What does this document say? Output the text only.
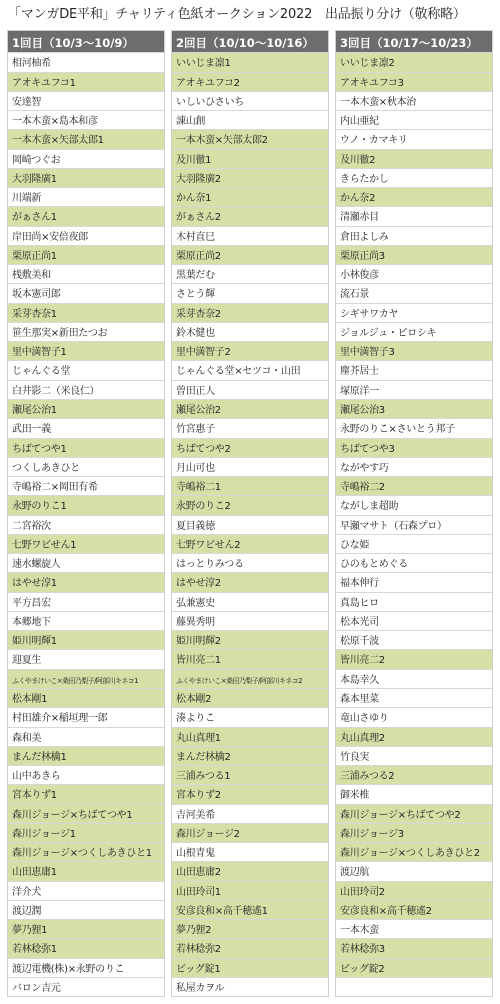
「マンガDE平和」チャリティ色紙オークション2022　出品振り分け（敬称略）
1回目（10/3〜10/9）
相河柚希
アオキユフコ1
安達智
一本木蛮×島本和彦
一本木蛮×矢部太郎1
岡崎つぐお
大羽隆廣1
川端新
がぁさん1
岸田尚×安倍夜郎
栗原正尚1
桟敷美和
坂本憲司郎
采芽杏奈1
笹生那実×新田たつお
里中満智子1
じゃんぐる堂
白井影二（米良仁）
瀬尾公治1
武田一義
ちばてつや1
つくしあきひと
寺嶋裕二×岡田有希
永野のりこ1
二宮裕次
七野ワビせん1
速水螺旋人
はやせ淳1
平方昌宏
本郷地下
姫川明輝1
迎夏生
ふくやまけいこ×桑田乃梨子/阿部川キネコ1
松本剛1
村田雄介×稲垣理一郎
森和美
まんだ林檎1
山中あきら
宮本りず1
森川ジョージ×ちばてつや1
森川ジョージ1
森川ジョージ×つくしあきひと1
山田恵庸1
洋介犬
渡辺潤
夢乃狸1
若林稔弥1
渡辺電機(株)×永野のりこ
バロン吉元
2回目（10/10〜10/16）
いいじま凛1
アオキユフコ2
いしいひさいち
諌山創
一本木蛮×矢部太郎2
及川徹1
大羽隆廣2
かん奈1
がぁさん2
木村直巳
栗原正尚2
黒葉だむ
さとう輝
采芽杏奈2
鈴木健也
里中満智子2
じゃんぐる堂×セツコ・山田
曽田正人
瀬尾公治2
竹宮惠子
ちばてつや2
月山可也
寺嶋裕二1
永野のりこ2
夏目義徳
七野ワビせん2
はっとりみつる
はやせ淳2
弘兼憲史
藤異秀明
姫川明輝2
皆川亮二1
ふくやまけいこ×桑田乃梨子/阿部川キネコ2
松本剛2
湊よりこ
丸山真理1
まんだ林檎2
三浦みつる1
宮本りず2
吉河美希
森川ジョージ2
山根青鬼
山田恵庸2
山田玲司1
安彦良和×高千穂遙1
夢乃狸2
若林稔弥2
ビッグ錠1
私屋カヲル
3回目（10/17〜10/23）
いいじま凛2
アオキユフコ3
一本木蛮×秋本治
内山亜紀
ウノ・カマキリ
及川徹2
きらたかし
かん奈2
清瀬赤目
倉田よしみ
栗原正尚3
小林俊彦
流石景
シギサワカヤ
ジョルジュ・ピロシキ
里中満智子3
塵芥居士
塚原洋一
瀬尾公治3
永野のりこ×さいとう邦子
ちばてつや3
ながやす巧
寺嶋裕二2
ながしま超助
早瀬マサト（石森プロ）
ひな姫
ひのもとめぐる
福本伸行
真島ヒロ
松本光司
松原千波
皆川亮二2
本島幸久
森本里菜
竜山さゆり
丸山真理2
竹良実
三浦みつる2
御米椎
森川ジョージ×ちばてつや2
森川ジョージ3
森川ジョージ×つくしあきひと2
渡辺航
山田玲司2
安彦良和×高千穂遙2
一本木蛮
若林稔弥3
ビッグ錠2
